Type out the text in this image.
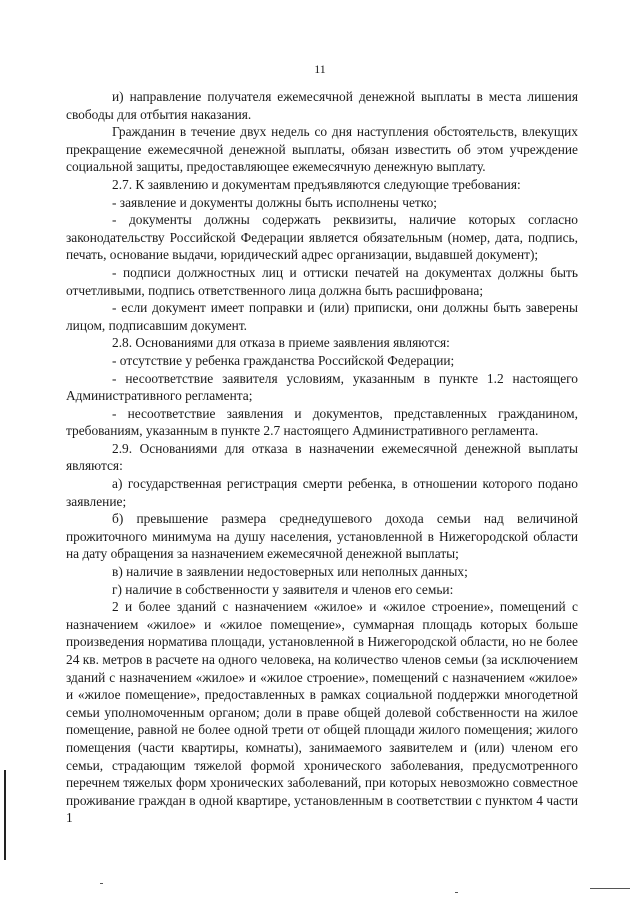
11

и) направление получателя ежемесячной денежной выплаты в места лишения свободы для отбытия наказания.

Гражданин в течение двух недель со дня наступления обстоятельств, влекущих прекращение ежемесячной денежной выплаты, обязан известить об этом учреждение социальной защиты, предоставляющее ежемесячную денежную выплату.

2.7. К заявлению и документам предъявляются следующие требования:

- заявление и документы должны быть исполнены четко;

- документы должны содержать реквизиты, наличие которых согласно законодательству Российской Федерации является обязательным (номер, дата, подпись, печать, основание выдачи, юридический адрес организации, выдавшей документ);

- подписи должностных лиц и оттиски печатей на документах должны быть отчетливыми, подпись ответственного лица должна быть расшифрована;

- если документ имеет поправки и (или) приписки, они должны быть заверены лицом, подписавшим документ.

2.8. Основаниями для отказа в приеме заявления являются:

- отсутствие у ребенка гражданства Российской Федерации;

- несоответствие заявителя условиям, указанным в пункте 1.2 настоящего Административного регламента;

- несоответствие заявления и документов, представленных гражданином, требованиям, указанным в пункте 2.7 настоящего Административного регламента.

2.9. Основаниями для отказа в назначении ежемесячной денежной выплаты являются:

а) государственная регистрация смерти ребенка, в отношении которого подано заявление;

б) превышение размера среднедушевого дохода семьи над величиной прожиточного минимума на душу населения, установленной в Нижегородской области на дату обращения за назначением ежемесячной денежной выплаты;

в) наличие в заявлении недостоверных или неполных данных;

г) наличие в собственности у заявителя и членов его семьи:

2 и более зданий с назначением «жилое» и «жилое строение», помещений с назначением «жилое» и «жилое помещение», суммарная площадь которых больше произведения норматива площади, установленной в Нижегородской области, но не более 24 кв. метров в расчете на одного человека, на количество членов семьи (за исключением зданий с назначением «жилое» и «жилое строение», помещений с назначением «жилое» и «жилое помещение», предоставленных в рамках социальной поддержки многодетной семьи уполномоченным органом; доли в праве общей долевой собственности на жилое помещение, равной не более одной трети от общей площади жилого помещения; жилого помещения (части квартиры, комнаты), занимаемого заявителем и (или) членом его семьи, страдающим тяжелой формой хронического заболевания, предусмотренного перечнем тяжелых форм хронических заболеваний, при которых невозможно совместное проживание граждан в одной квартире, установленным в соответствии с пунктом 4 части 1
